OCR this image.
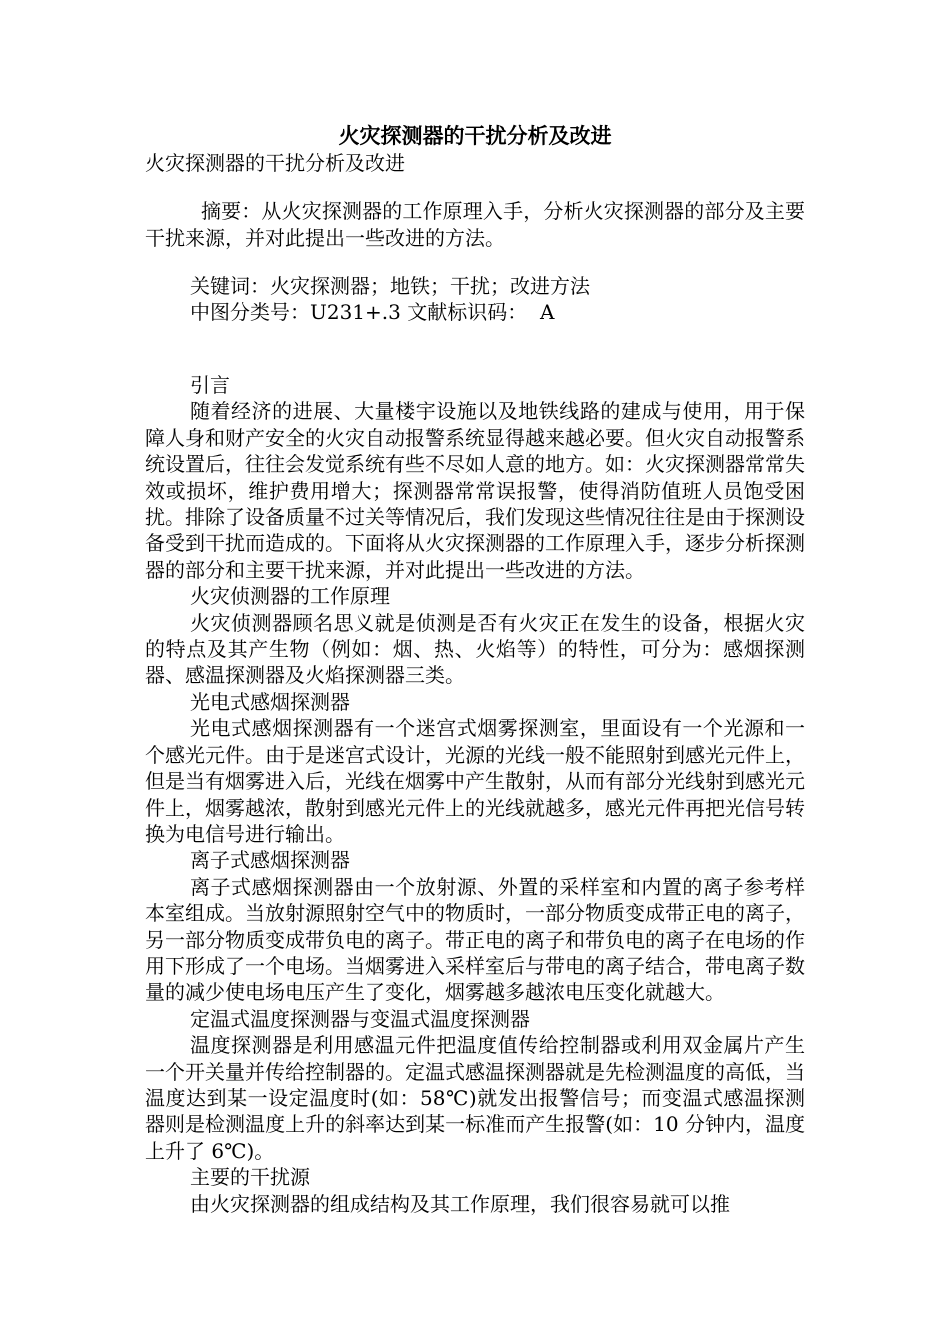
火灾探测器的干扰分析及改进

火灾探测器的干扰分析及改进

摘要：从火灾探测器的工作原理入手，分析火灾探测器的部分及主要干扰来源，并对此提出一些改进的方法。

关键词：火灾探测器；地铁；干扰；改进方法

中图分类号：U231+.3 文献标识码：  A

引言

随着经济的进展、大量楼宇设施以及地铁线路的建成与使用，用于保障人身和财产安全的火灾自动报警系统显得越来越必要。但火灾自动报警系统设置后，往往会发觉系统有些不尽如人意的地方。如：火灾探测器常常失效或损坏，维护费用增大；探测器常常误报警，使得消防值班人员饱受困扰。排除了设备质量不过关等情况后，我们发现这些情况往往是由于探测设备受到干扰而造成的。下面将从火灾探测器的工作原理入手，逐步分析探测器的部分和主要干扰来源，并对此提出一些改进的方法。

火灾侦测器的工作原理

火灾侦测器顾名思义就是侦测是否有火灾正在发生的设备，根据火灾的特点及其产生物（例如：烟、热、火焰等）的特性，可分为：感烟探测器、感温探测器及火焰探测器三类。

光电式感烟探测器

光电式感烟探测器有一个迷宫式烟雾探测室，里面设有一个光源和一个感光元件。由于是迷宫式设计，光源的光线一般不能照射到感光元件上，但是当有烟雾进入后，光线在烟雾中产生散射，从而有部分光线射到感光元件上，烟雾越浓，散射到感光元件上的光线就越多，感光元件再把光信号转换为电信号进行输出。

离子式感烟探测器

离子式感烟探测器由一个放射源、外置的采样室和内置的离子参考样本室组成。当放射源照射空气中的物质时，一部分物质变成带正电的离子，另一部分物质变成带负电的离子。带正电的离子和带负电的离子在电场的作用下形成了一个电场。当烟雾进入采样室后与带电的离子结合，带电离子数量的减少使电场电压产生了变化，烟雾越多越浓电压变化就越大。

定温式温度探测器与变温式温度探测器

温度探测器是利用感温元件把温度值传给控制器或利用双金属片产生一个开关量并传给控制器的。定温式感温探测器就是先检测温度的高低，当温度达到某一设定温度时(如：58℃)就发出报警信号；而变温式感温探测器则是检测温度上升的斜率达到某一标准而产生报警(如：10 分钟内，温度上升了 6℃)。

主要的干扰源

由火灾探测器的组成结构及其工作原理，我们很容易就可以推
